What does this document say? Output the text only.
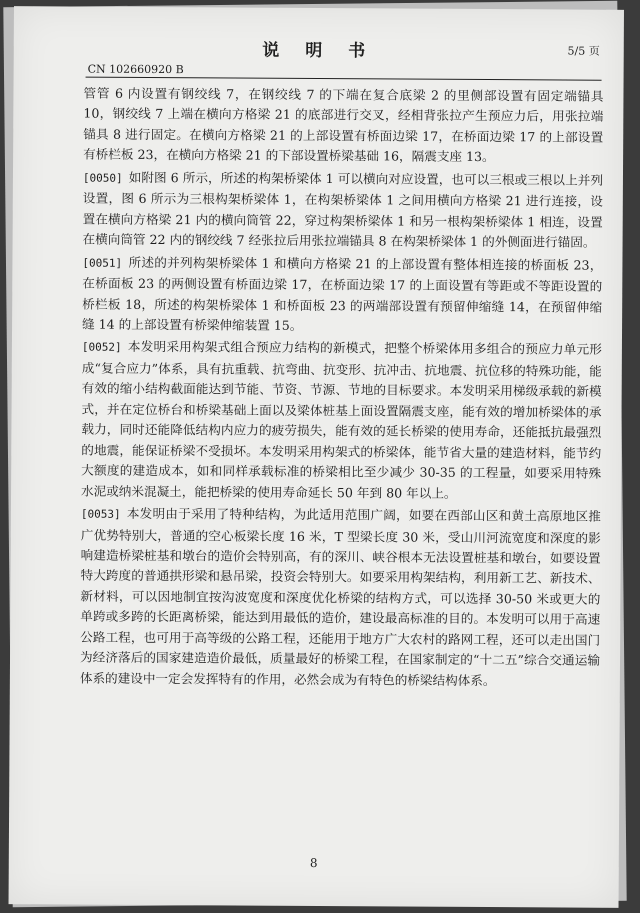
说 明 书	5/5 页
CN 102660920 B

管管 6 内设置有钢绞线 7，在钢绞线 7 的下端在复合底梁 2 的里侧部设置有固定端锚具 10，钢绞线 7 上端在横向方格梁 21 的底部进行交叉，经相背张拉产生预应力后，用张拉端锚具 8 进行固定。在横向方格梁 21 的上部设置有桥面边梁 17，在桥面边梁 17 的上部设置有桥栏板 23，在横向方格梁 21 的下部设置桥梁基础 16，隔震支座 13。

[0050] 如附图 6 所示，所述的构架桥梁体 1 可以横向对应设置，也可以三根或三根以上并列设置，图 6 所示为三根构架桥梁体 1，在构架桥梁体 1 之间用横向方格梁 21 进行连接，设置在横向方格梁 21 内的横向筒管 22，穿过构架桥梁体 1 和另一根构架桥梁体 1 相连，设置在横向筒管 22 内的钢绞线 7 经张拉后用张拉端锚具 8 在构架桥梁体 1 的外侧面进行锚固。

[0051] 所述的并列构架桥梁体 1 和横向方格梁 21 的上部设置有整体相连接的桥面板 23，在桥面板 23 的两侧设置有桥面边梁 17，在桥面边梁 17 的上面设置有等距或不等距设置的桥栏板 18，所述的构架桥梁体 1 和桥面板 23 的两端部设置有预留伸缩缝 14，在预留伸缩缝 14 的上部设置有桥梁伸缩装置 15。

[0052] 本发明采用构架式组合预应力结构的新模式，把整个桥梁体用多组合的预应力单元形成“复合应力”体系，具有抗重载、抗弯曲、抗变形、抗冲击、抗地震、抗位移的特殊功能，能有效的缩小结构截面能达到节能、节资、节源、节地的目标要求。本发明采用梯级承载的新模式，并在定位桥台和桥梁基础上面以及梁体桩基上面设置隔震支座，能有效的增加桥梁体的承载力，同时还能降低结构内应力的疲劳损失，能有效的延长桥梁的使用寿命，还能抵抗最强烈的地震，能保证桥梁不受损坏。本发明采用构架式的桥梁体，能节省大量的建造材料，能节约大额度的建造成本，如和同样承载标准的桥梁相比至少减少 30-35 的工程量，如要采用特殊水泥或纳米混凝土，能把桥梁的使用寿命延长 50 年到 80 年以上。

[0053] 本发明由于采用了特种结构，为此适用范围广阔，如要在西部山区和黄土高原地区推广优势特别大，普通的空心板梁长度 16 米，T 型梁长度 30 米，受山川河流宽度和深度的影响建造桥梁桩基和墩台的造价会特别高，有的深川、峡谷根本无法设置桩基和墩台，如要设置特大跨度的普通拱形梁和悬吊梁，投资会特别大。如要采用构架结构，利用新工艺、新技术、新材料，可以因地制宜按沟波宽度和深度优化桥梁的结构方式，可以选择 30-50 米或更大的单跨或多跨的长距离桥梁，能达到用最低的造价，建设最高标准的目的。本发明可以用于高速公路工程，也可用于高等级的公路工程，还能用于地方广大农村的路网工程，还可以走出国门为经济落后的国家建造造价最低，质量最好的桥梁工程，在国家制定的“十二五”综合交通运输体系的建设中一定会发挥特有的作用，必然会成为有特色的桥梁结构体系。

8
